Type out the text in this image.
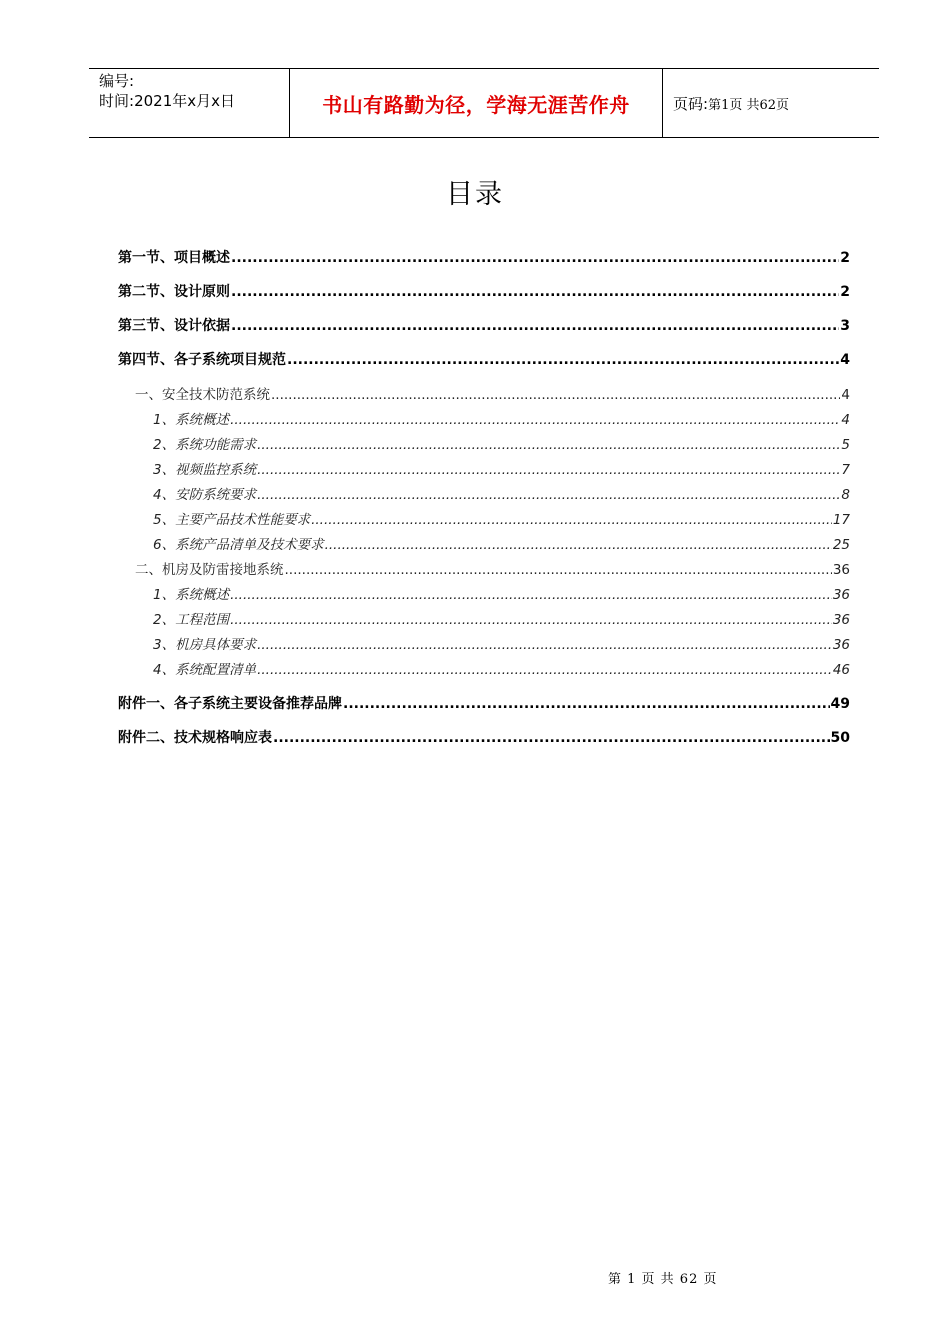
编号:
时间:2021年x月x日	书山有路勤为径，学海无涯苦作舟	页码: 第1页 共62页
目录
第一节、项目概述 .....	2
第二节、设计原则 .....	2
第三节、设计依据 .....	3
第四节、各子系统项目规范 .....	4
一、安全技术防范系统 .....	4
1、系统概述 .....	4
2、系统功能需求 .....	5
3、视频监控系统 .....	7
4、安防系统要求 .....	8
5、主要产品技术性能要求 .....	17
6、系统产品清单及技术要求 .....	25
二、机房及防雷接地系统 .....	36
1、系统概述 .....	36
2、工程范围 .....	36
3、机房具体要求 .....	36
4、系统配置清单 .....	46
附件一、各子系统主要设备推荐品牌 .....	49
附件二、技术规格响应表 .....	50
第 1 页 共 62 页
